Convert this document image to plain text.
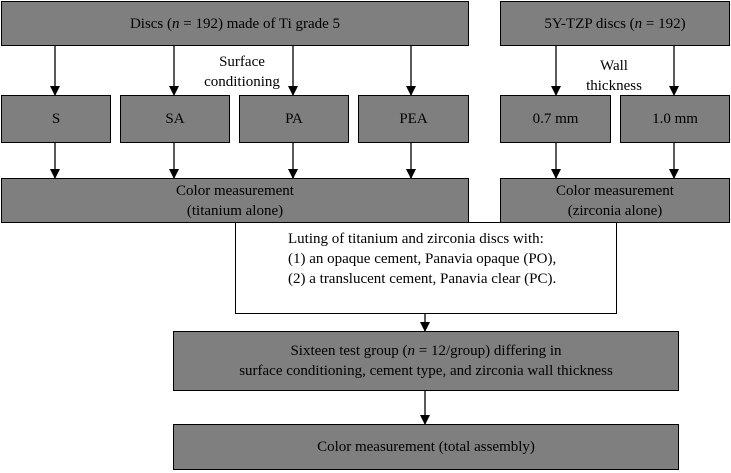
Luting of titanium and zirconia discs with:
(1) an opaque cement, Panavia opaque (PO),
(2) a translucent cement, Panavia clear (PC).
Discs (n = 192) made of Ti grade 5	5Y-TZP discs (n = 192)
Surface
conditioning
Wall
thickness
S	SA	PA	PEA	0.7 mm	1.0 mm
Color measurement
(titanium alone)
Color measurement
(zirconia alone)
Sixteen test group (n = 12/group) differing in
surface conditioning, cement type, and zirconia wall thickness
Color measurement (total assembly)
